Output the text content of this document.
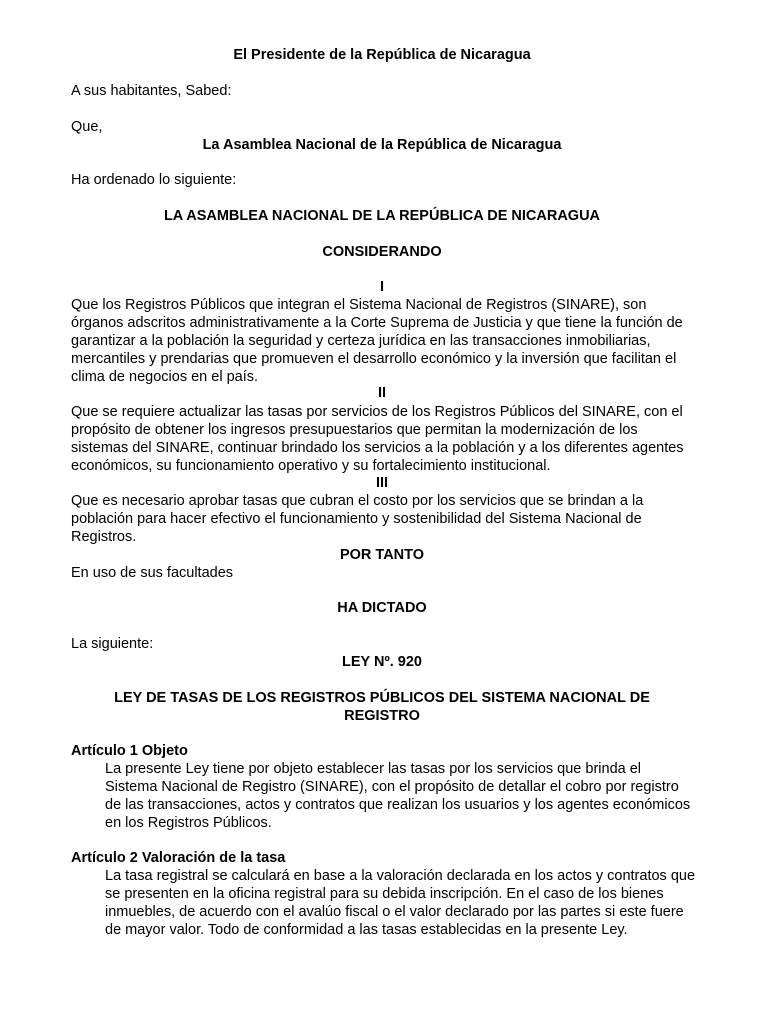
El Presidente de la República de Nicaragua

A sus habitantes, Sabed:

Que,

La Asamblea Nacional de la República de Nicaragua

Ha ordenado lo siguiente:

LA ASAMBLEA NACIONAL DE LA REPÚBLICA DE NICARAGUA

CONSIDERANDO

I

Que los Registros Públicos que integran el Sistema Nacional de Registros (SINARE), son órganos adscritos administrativamente a la Corte Suprema de Justicia y que tiene la función de garantizar a la población la seguridad y certeza jurídica en las transacciones inmobiliarias, mercantiles y prendarias que promueven el desarrollo económico y la inversión que facilitan el clima de negocios en el país.

II

Que se requiere actualizar las tasas por servicios de los Registros Públicos del SINARE, con el propósito de obtener los ingresos presupuestarios que permitan la modernización de los sistemas del SINARE, continuar brindado los servicios a la población y a los diferentes agentes económicos, su funcionamiento operativo y su fortalecimiento institucional.

III

Que es necesario aprobar tasas que cubran el costo por los servicios que se brindan a la población para hacer efectivo el funcionamiento y sostenibilidad del Sistema Nacional de Registros.

POR TANTO

En uso de sus facultades

HA DICTADO

La siguiente:

LEY Nº. 920

LEY DE TASAS DE LOS REGISTROS PÚBLICOS DEL SISTEMA NACIONAL DE REGISTRO

Artículo 1 Objeto

La presente Ley tiene por objeto establecer las tasas por los servicios que brinda el Sistema Nacional de Registro (SINARE), con el propósito de detallar el cobro por registro de las transacciones, actos y contratos que realizan los usuarios y los agentes económicos en los Registros Públicos.

Artículo 2 Valoración de la tasa

La tasa registral se calculará en base a la valoración declarada en los actos y contratos que se presenten en la oficina registral para su debida inscripción. En el caso de los bienes inmuebles, de acuerdo con el avalúo fiscal o el valor declarado por las partes si este fuere de mayor valor. Todo de conformidad a las tasas establecidas en la presente Ley.
